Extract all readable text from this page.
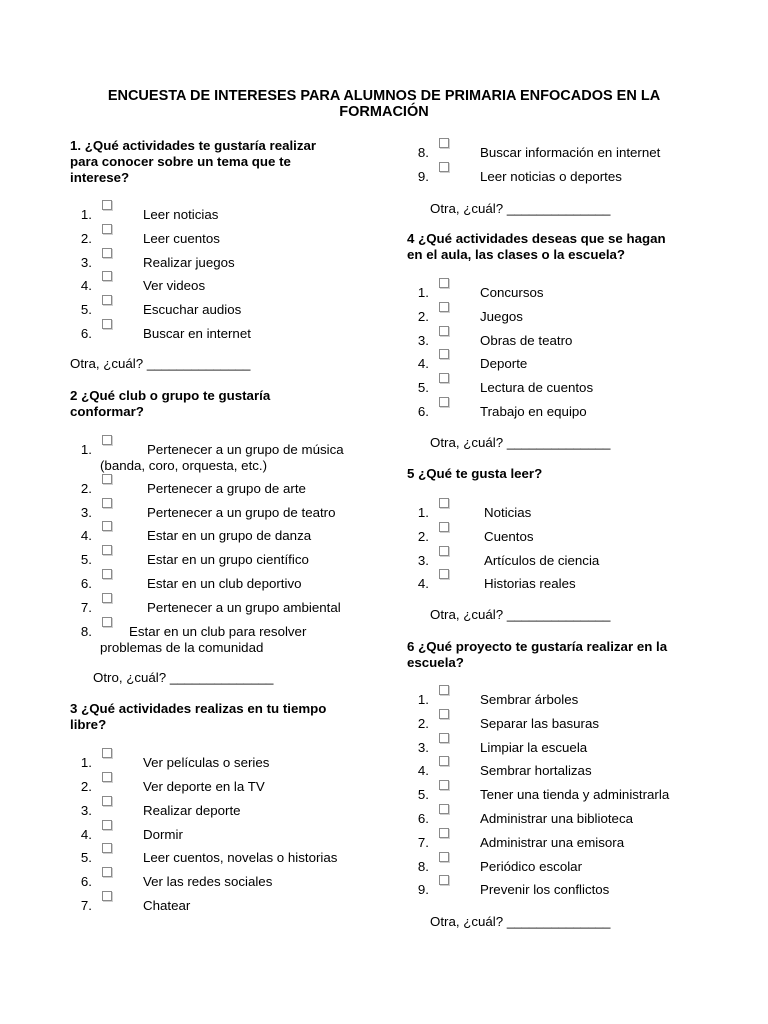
ENCUESTA DE INTERESES PARA ALUMNOS DE PRIMARIA ENFOCADOS EN LA
FORMACIÓN
1. ¿Qué actividades te gustaría realizar
para conocer sobre un tema que te
interese?
1.	Leer noticias
2.	Leer cuentos
3.	Realizar juegos
4.	Ver videos
5.	Escuchar audios
6.	Buscar en internet
Otra, ¿cuál? ______________
2 ¿Qué club o grupo te gustaría
conformar?
1.	Pertenecer a un grupo de música
(banda, coro, orquesta, etc.)
2.	Pertenecer a grupo de arte
3.	Pertenecer a un grupo de teatro
4.	Estar en un grupo de danza
5.	Estar en un grupo científico
6.	Estar en un club deportivo
7.	Pertenecer a un grupo ambiental
8.	Estar en un club para resolver
problemas de la comunidad
Otro, ¿cuál? ______________
3 ¿Qué actividades realizas en tu tiempo
libre?
1.	Ver películas o series
2.	Ver deporte en la TV
3.	Realizar deporte
4.	Dormir
5.	Leer cuentos, novelas o historias
6.	Ver las redes sociales
7.	Chatear
8.	Buscar información en internet
9.	Leer noticias o deportes
Otra, ¿cuál? ______________
4 ¿Qué actividades deseas que se hagan
en el aula, las clases o la escuela?
1.	Concursos
2.	Juegos
3.	Obras de teatro
4.	Deporte
5.	Lectura de cuentos
6.	Trabajo en equipo
Otra, ¿cuál? ______________
5 ¿Qué te gusta leer?
1.	Noticias
2.	Cuentos
3.	Artículos de ciencia
4.	Historias reales
Otra, ¿cuál? ______________
6 ¿Qué proyecto te gustaría realizar en la
escuela?
1.	Sembrar árboles
2.	Separar las basuras
3.	Limpiar la escuela
4.	Sembrar hortalizas
5.	Tener una tienda y administrarla
6.	Administrar una biblioteca
7.	Administrar una emisora
8.	Periódico escolar
9.	Prevenir los conflictos
Otra, ¿cuál? ______________
